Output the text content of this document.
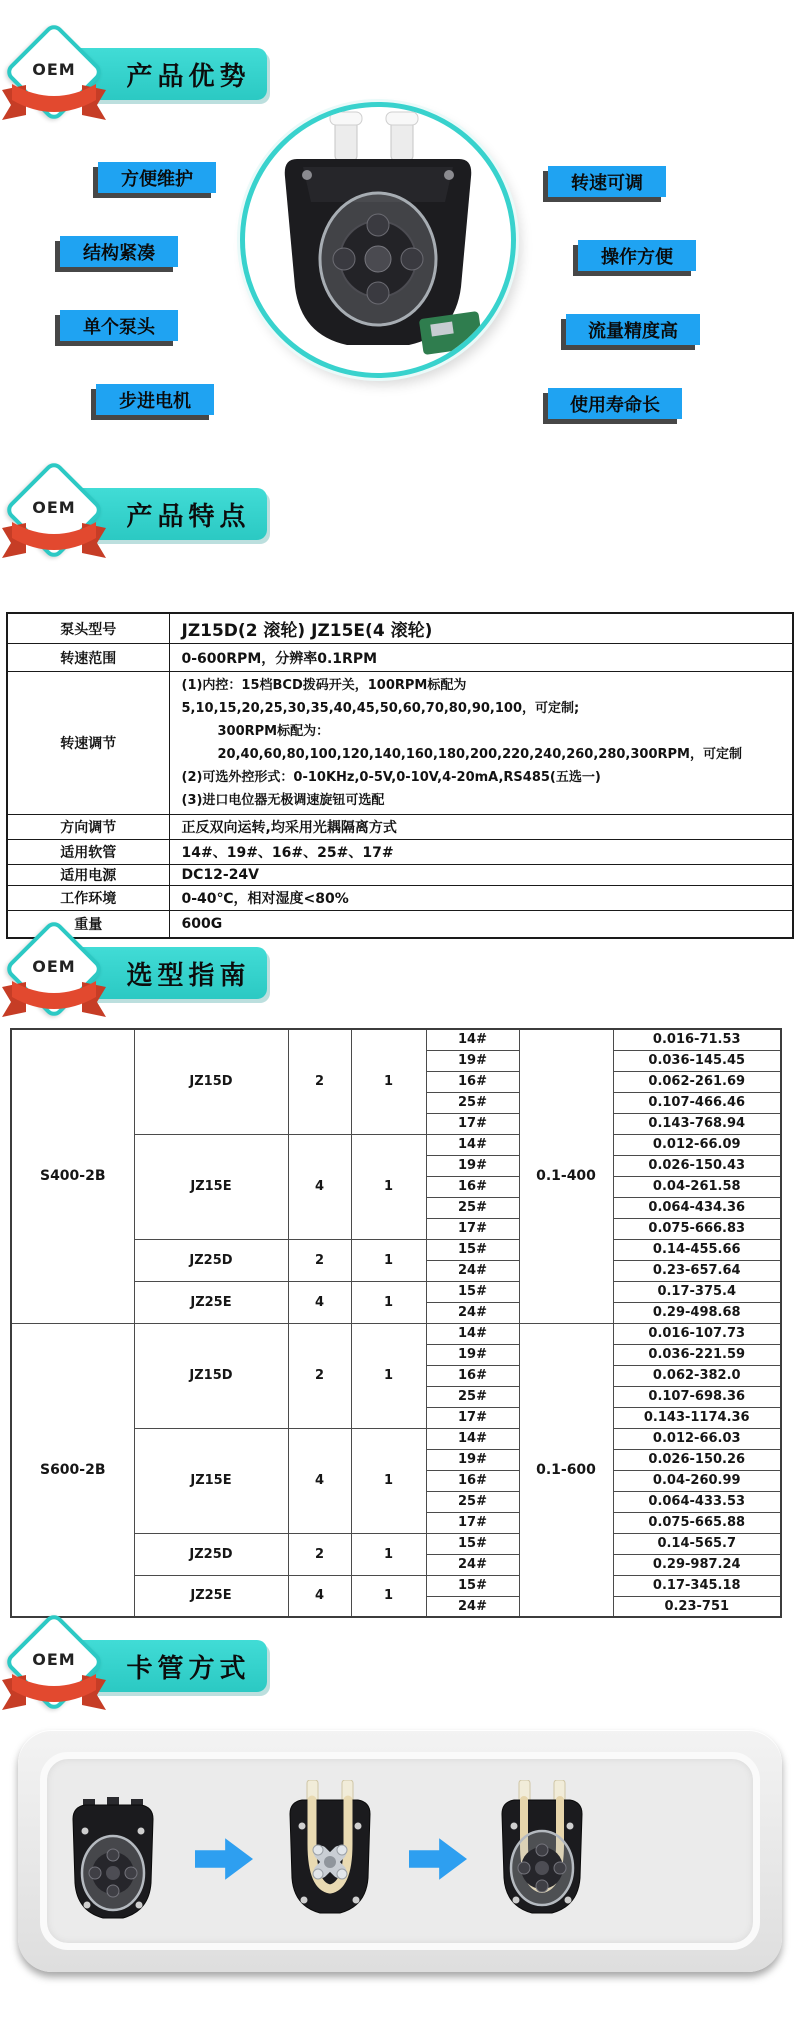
产品优势
OEM
方便维护
结构紧凑
单个泵头
步进电机
转速可调
操作方便
流量精度高
使用寿命长
产品特点
OEM
泵头型号	JZ15D(2 滚轮) JZ15E(4 滚轮)
转速范围	0-600RPM，分辨率0.1RPM
转速调节	(1)内控：15档BCD拨码开关，100RPM标配为5,10,15,20,25,30,35,40,45,50,60,70,80,90,100，可定制;
300RPM标配为：20,40,60,80,100,120,140,160,180,200,220,240,260,280,300RPM，可定制
(2)可选外控形式：0-10KHz,0-5V,0-10V,4-20mA,RS485(五选一)
(3)进口电位器无极调速旋钮可选配

方向调节	正反双向运转,均采用光耦隔离方式
适用软管	14#、19#、16#、25#、17#
适用电源	DC12-24V
工作环境	0-40℃，相对湿度<80%
重量	600G
选型指南
OEM
S400-2B	JZ15D	2	1	14#	0.1-400	0.016-71.53
				19#		0.036-145.45
				16#		0.062-261.69
				25#		0.107-466.46
				17#		0.143-768.94
	JZ15E	4	1	14#		0.012-66.09
				19#		0.026-150.43
				16#		0.04-261.58
				25#		0.064-434.36
				17#		0.075-666.83
	JZ25D	2	1	15#		0.14-455.66
				24#		0.23-657.64
	JZ25E	4	1	15#		0.17-375.4
				24#		0.29-498.68
S600-2B	JZ15D	2	1	14#	0.1-600	0.016-107.73
				19#		0.036-221.59
				16#		0.062-382.0
				25#		0.107-698.36
				17#		0.143-1174.36
	JZ15E	4	1	14#		0.012-66.03
				19#		0.026-150.26
				16#		0.04-260.99
				25#		0.064-433.53
				17#		0.075-665.88
	JZ25D	2	1	15#		0.14-565.7
				24#		0.29-987.24
	JZ25E	4	1	15#		0.17-345.18
				24#		0.23-751
卡管方式
OEM
